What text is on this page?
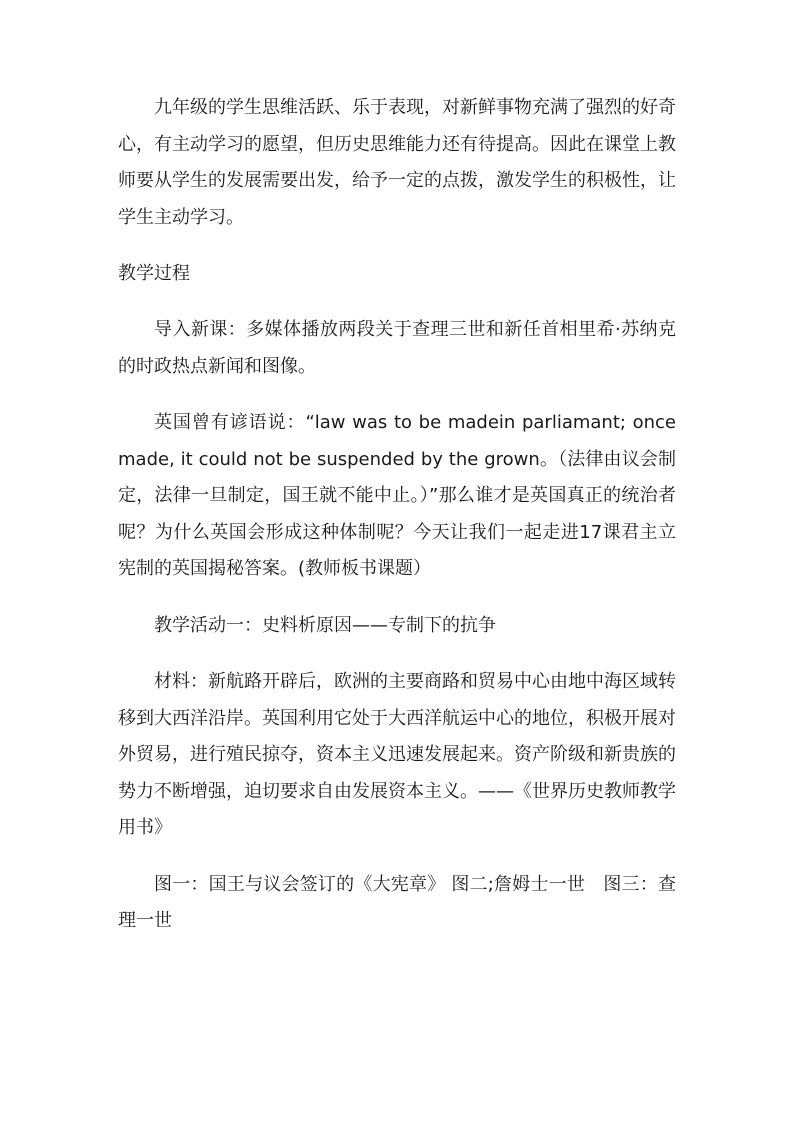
九年级的学生思维活跃、乐于表现，对新鲜事物充满了强烈的好奇心，有主动学习的愿望，但历史思维能力还有待提高。因此在课堂上教师要从学生的发展需要出发，给予一定的点拨，激发学生的积极性，让学生主动学习。

教学过程

导入新课：多媒体播放两段关于查理三世和新任首相里希·苏纳克的时政热点新闻和图像。

英国曾有谚语说：“law was to be madein parliamant; once made, it could not be suspended by the grown。（法律由议会制定，法律一旦制定，国王就不能中止。）”那么谁才是英国真正的统治者呢？为什么英国会形成这种体制呢？今天让我们一起走进17课君主立宪制的英国揭秘答案。(教师板书课题）

教学活动一：史料析原因——专制下的抗争

材料：新航路开辟后，欧洲的主要商路和贸易中心由地中海区域转移到大西洋沿岸。英国利用它处于大西洋航运中心的地位，积极开展对外贸易，进行殖民掠夺，资本主义迅速发展起来。资产阶级和新贵族的势力不断增强，迫切要求自由发展资本主义。——《世界历史教师教学用书》

图一：国王与议会签订的《大宪章》 图二;詹姆士一世　图三：查理一世
